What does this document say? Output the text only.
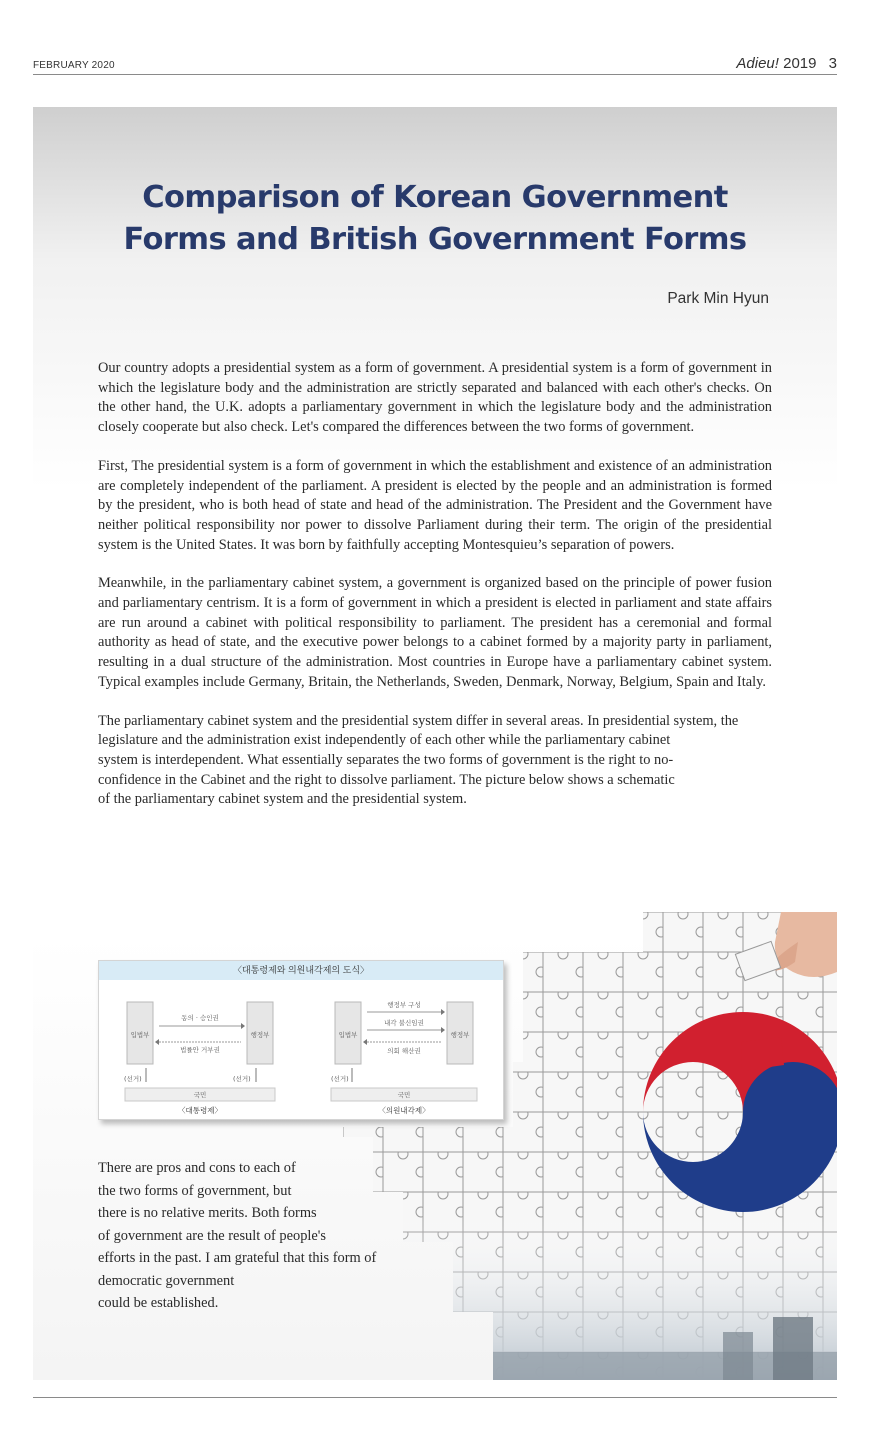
FEBRUARY 2020	Adieu! 2019 3
Comparison of Korean Government
Forms and British Government Forms
Park Min Hyun

Our country adopts a presidential system as a form of government. A presidential system is a form of government in which the legislature body and the administration are strictly separated and balanced with each other's checks. On the other hand, the U.K. adopts a parliamentary government in which the legislature body and the administration closely cooperate but also check. Let's compared the differences between the two forms of government.

First, The presidential system is a form of government in which the establishment and existence of an administration are completely independent of the parliament. A president is elected by the people and an administration is formed by the president, who is both head of state and head of the administration. The President and the Government have neither political responsibility nor power to dissolve Parliament during their term. The origin of the presidential system is the United States. It was born by faithfully accepting Montesquieu’s separation of powers.

Meanwhile, in the parliamentary cabinet system, a government is organized based on the principle of power fusion and parliamentary centrism. It is a form of government in which a president is elected in parliament and state affairs are run around a cabinet with political responsibility to parliament. The president has a ceremonial and formal authority as head of state, and the executive power belongs to a cabinet formed by a majority party in parliament, resulting in a dual structure of the administration. Most countries in Europe have a parliamentary cabinet system. Typical examples include Germany, Britain, the Netherlands, Sweden, Denmark, Norway, Belgium, Spain and Italy.

The parliamentary cabinet system and the presidential system differ in several areas. In presidential system, the legislature and the administration exist independently of each other while the parliamentary cabinet
system is interdependent. What essentially separates the two forms of government is the right to no-
confidence in the Cabinet and the right to dissolve parliament. The picture below shows a schematic
of the parliamentary cabinet system and the presidential system.

〈대통령제와 의원내각제의 도식〉
입법부	행정부
동의 · 승인권
법률안 거부권
(선거)	(선거)
국민
〈대통령제〉
입법부	행정부
행정부 구성
내각 불신임권
의회 해산권
(선거)
국민
〈의원내각제〉
There are pros and cons to each of
the two forms of government, but
there is no relative merits. Both forms
of government are the result of people's
efforts in the past. I am grateful that this form of
democratic government
could be established.
